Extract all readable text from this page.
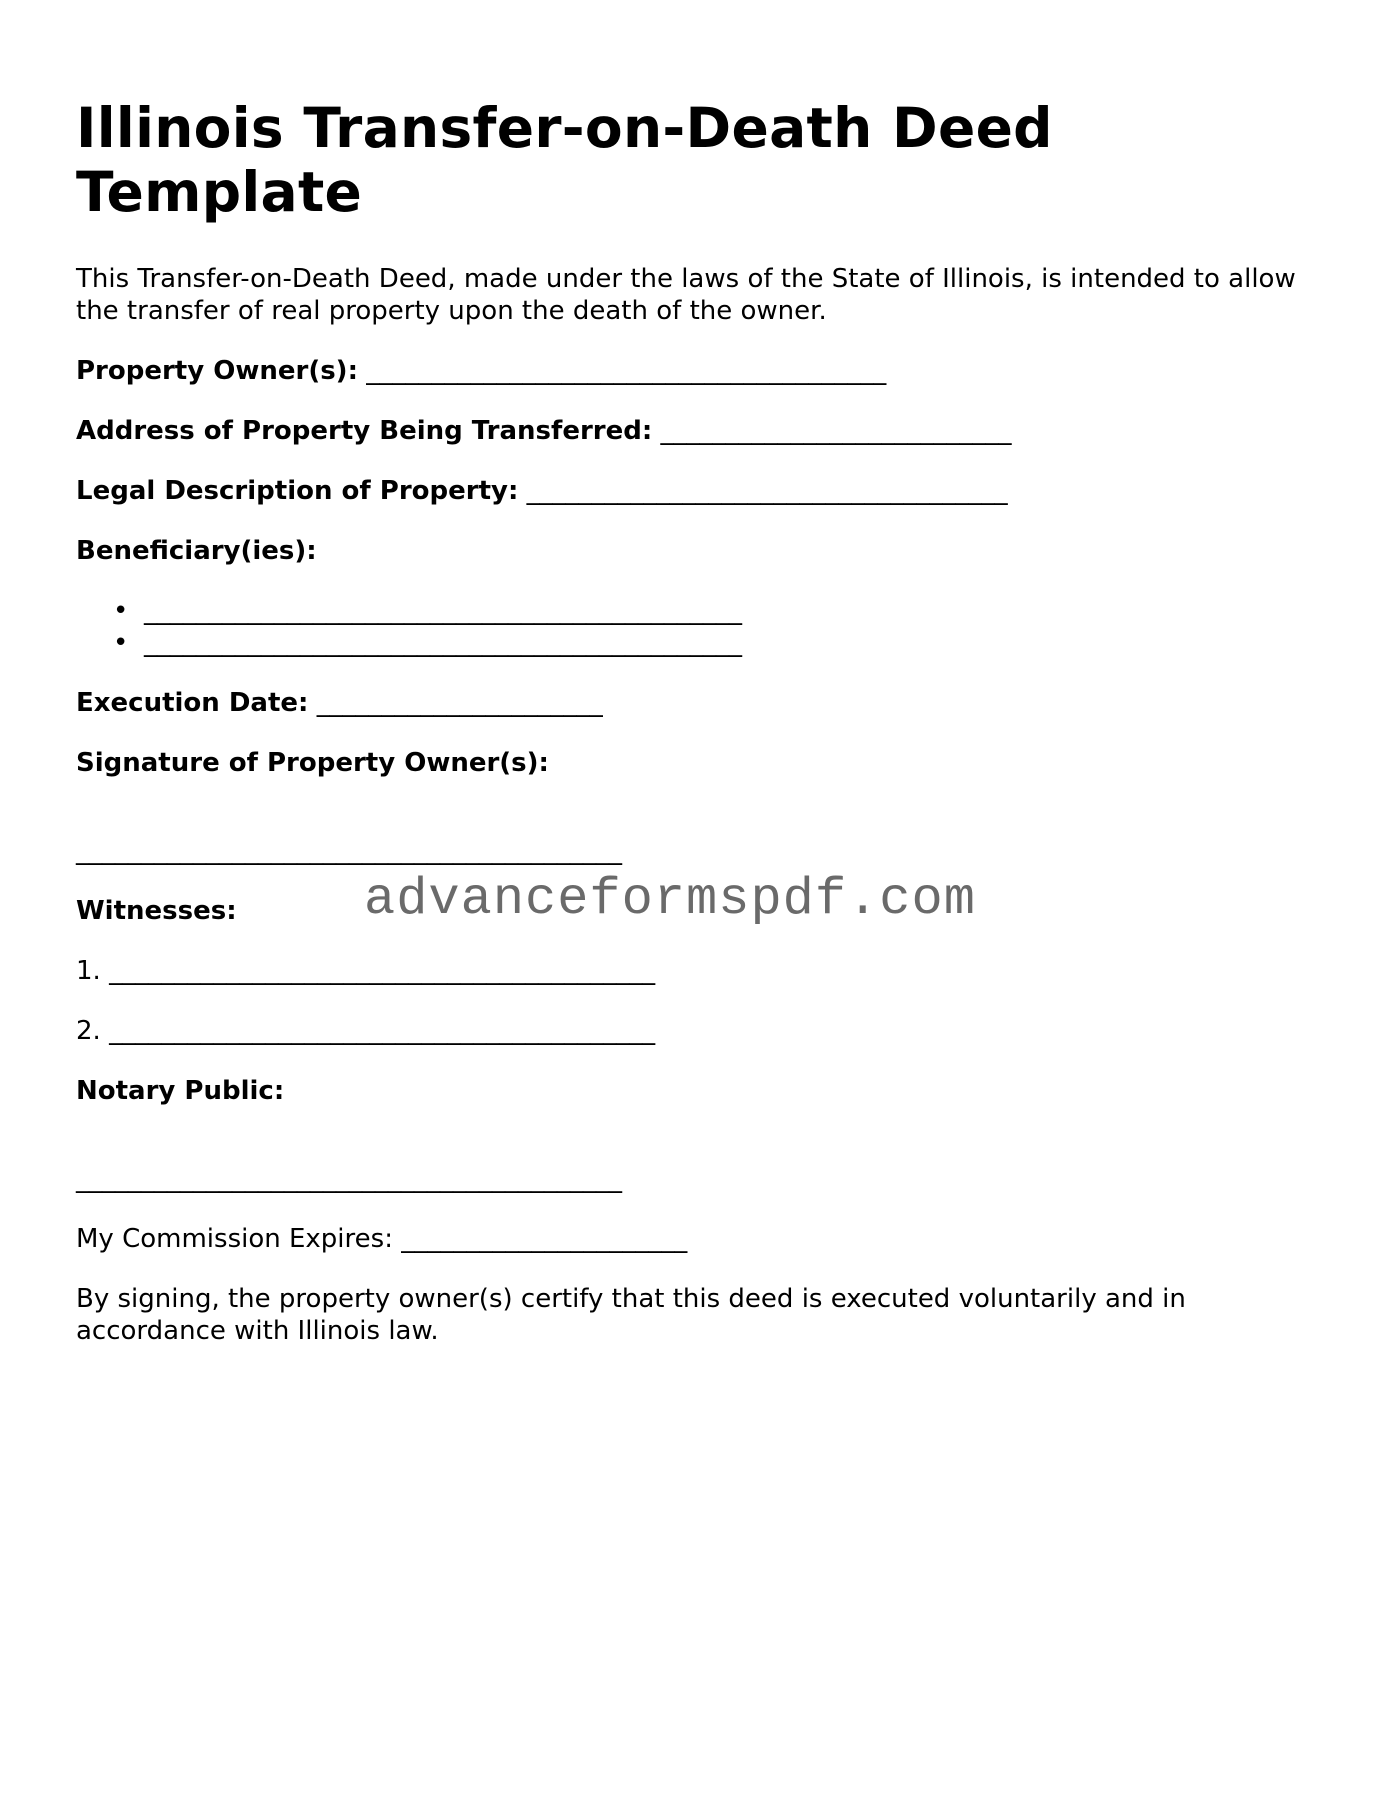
Illinois Transfer-on-Death Deed Template

This Transfer-on-Death Deed, made under the laws of the State of Illinois, is intended to allow the transfer of real property upon the death of the owner.

Property Owner(s): ________________________________________
Address of Property Being Transferred: ___________________________
Legal Description of Property: _____________________________________
Beneficiary(ies):
• ______________________________________________
• ______________________________________________
Execution Date: ______________________
Signature of Property Owner(s):
__________________________________________
Witnesses:
1. __________________________________________
2. __________________________________________
Notary Public:
__________________________________________
My Commission Expires: ______________________

By signing, the property owner(s) certify that this deed is executed voluntarily and in accordance with Illinois law.

advanceformspdf.com
